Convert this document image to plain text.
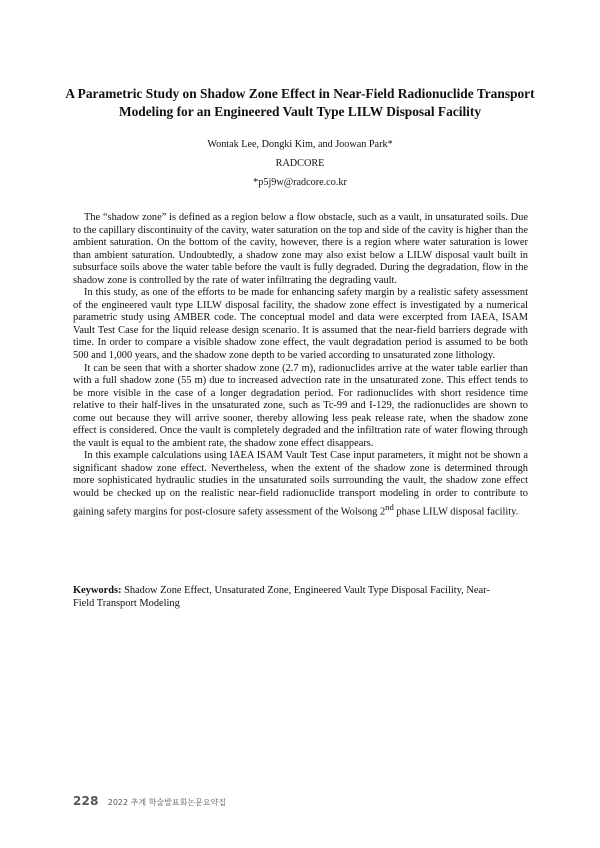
A Parametric Study on Shadow Zone Effect in Near-Field Radionuclide Transport
Modeling for an Engineered Vault Type LILW Disposal Facility

Wontak Lee, Dongki Kim, and Joowan Park*

RADCORE

*p5j9w@radcore.co.kr

The “shadow zone” is defined as a region below a flow obstacle, such as a vault, in unsaturated soils. Due to the capillary discontinuity of the cavity, water saturation on the top and side of the cavity is higher than the ambient saturation. On the bottom of the cavity, however, there is a region where water saturation is lower than ambient saturation. Undoubtedly, a shadow zone may also exist below a LILW disposal vault built in subsurface soils above the water table before the vault is fully degraded. During the degradation, flow in the shadow zone is controlled by the rate of water infiltrating the degrading vault.

In this study, as one of the efforts to be made for enhancing safety margin by a realistic safety assessment of the engineered vault type LILW disposal facility, the shadow zone effect is investigated by a numerical parametric study using AMBER code. The conceptual model and data were excerpted from IAEA, ISAM Vault Test Case for the liquid release design scenario. It is assumed that the near-field barriers degrade with time. In order to compare a visible shadow zone effect, the vault degradation period is assumed to be both 500 and 1,000 years, and the shadow zone depth to be varied according to unsaturated zone lithology.

It can be seen that with a shorter shadow zone (2.7 m), radionuclides arrive at the water table earlier than with a full shadow zone (55 m) due to increased advection rate in the unsaturated zone. This effect tends to be more visible in the case of a longer degradation period. For radionuclides with short residence time relative to their half-lives in the unsaturated zone, such as Tc-99 and I-129, the radionuclides are shown to come out because they will arrive sooner, thereby allowing less peak release rate, when the shadow zone effect is considered. Once the vault is completely degraded and the infiltration rate of water flowing through the vault is equal to the ambient rate, the shadow zone effect disappears.

In this example calculations using IAEA ISAM Vault Test Case input parameters, it might not be shown a significant shadow zone effect. Nevertheless, when the extent of the shadow zone is determined through more sophisticated hydraulic studies in the unsaturated soils surrounding the vault, the shadow zone effect would be checked up on the realistic near-field radionuclide transport modeling in order to contribute to gaining safety margins for post-closure safety assessment of the Wolsong 2nd phase LILW disposal facility.

Keywords: Shadow Zone Effect, Unsaturated Zone, Engineered Vault Type Disposal Facility, Near-
Field Transport Modeling
228 2022 추계 학술발표회논문요약집
